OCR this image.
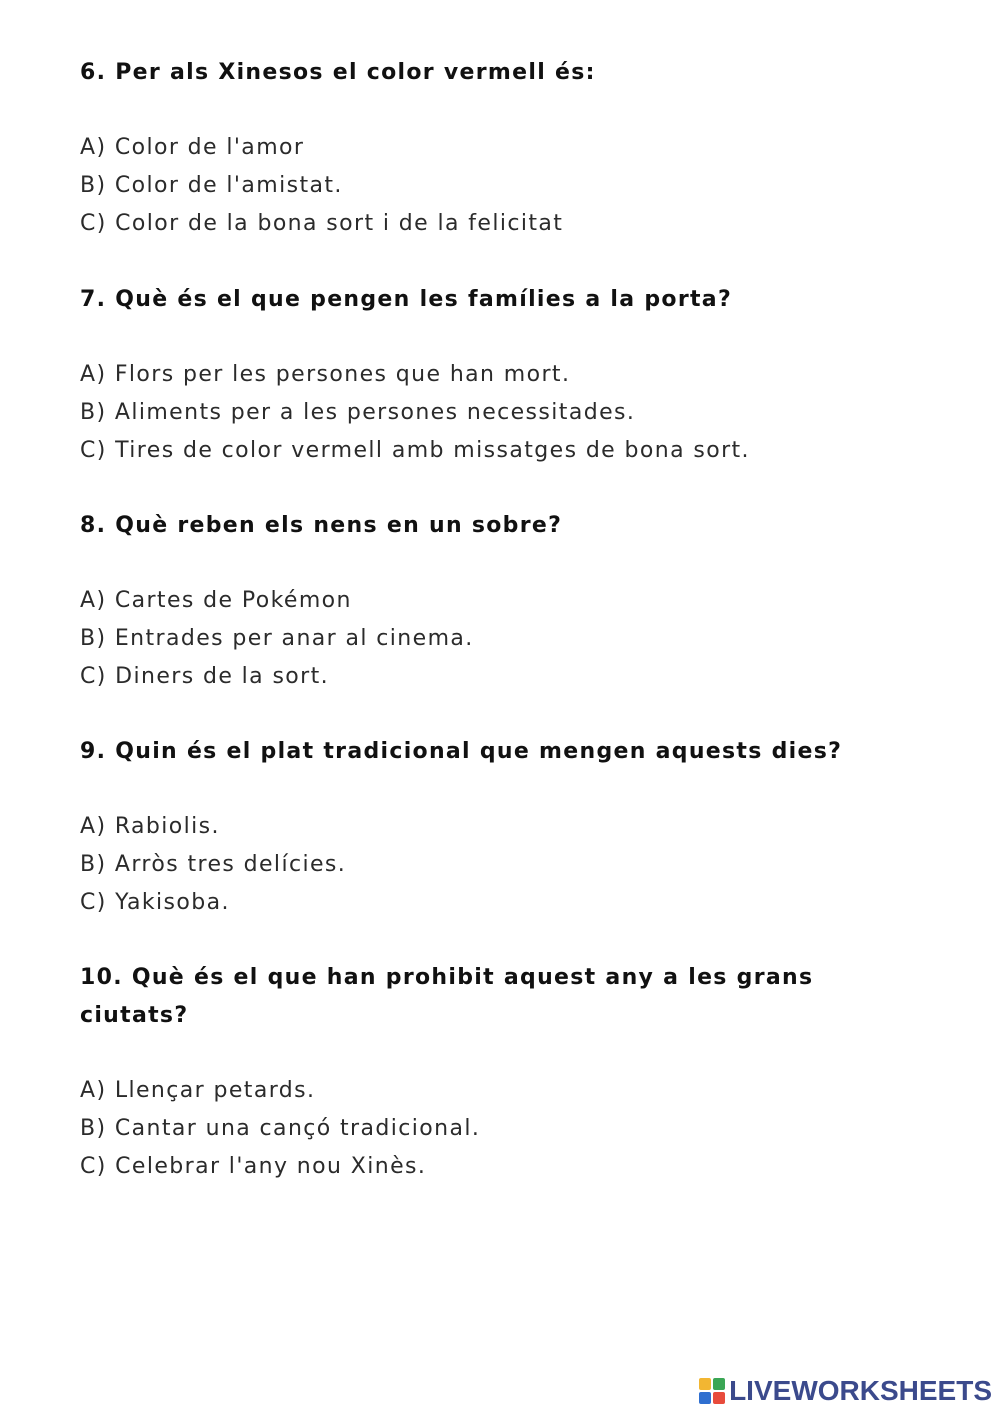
6. Per als Xinesos el color vermell és:

A) Color de l'amor
B) Color de l'amistat.
C) Color de la bona sort i de la felicitat

7. Què és el que pengen les famílies a la porta?

A) Flors per les persones que han mort.
B) Aliments per a les persones necessitades.
C) Tires de color vermell amb missatges de bona sort.

8. Què reben els nens en un sobre?

A) Cartes de Pokémon
B) Entrades per anar al cinema.
C) Diners de la sort.

9. Quin és el plat tradicional que mengen aquests dies?

A) Rabiolis.
B) Arròs tres delícies.
C) Yakisoba.

10. Què és el que han prohibit aquest any a les grans ciutats?

A) Llençar petards.
B) Cantar una cançó tradicional.
C) Celebrar l'any nou Xinès.
LIVEWORKSHEETS
